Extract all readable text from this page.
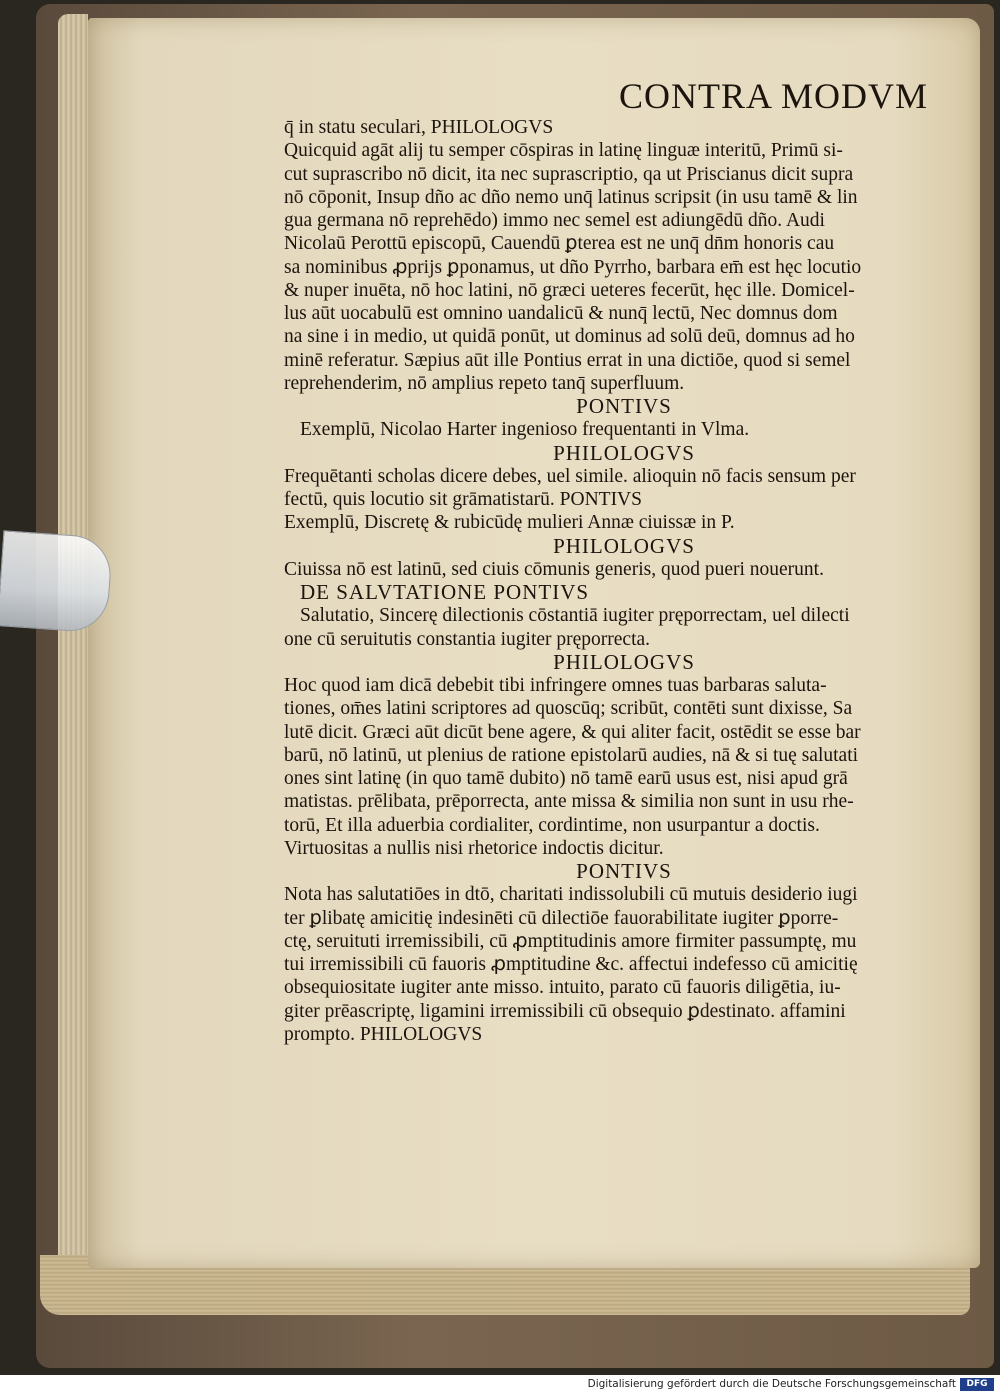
CONTRA MODVM
q̄ in statu seculari, PHILOLOGVS
Quicquid agāt alij tu semper cōspiras in latinę linguæ interitū, Primū si-
cut suprascribo nō dicit, ita nec suprascriptio, qa ut Priscianus dicit supra
nō cōponit, Insup dño ac dño nemo unq̄ latinus scripsit (in usu tamē & lin
gua germana nō reprehēdo) immo nec semel est adiungēdū dño. Audi
Nicolaū Perottū episcopū, Cauendū ꝑterea est ne unq̄ dn̄m honoris cau
sa nominibus ꝓprijs ꝑponamus, ut dño Pyrrho, barbara em̄ est hęc locutio
& nuper inuēta, nō hoc latini, nō græci ueteres fecerūt, hęc ille. Domicel-
lus aūt uocabulū est omnino uandalicū & nunq̄ lectū, Nec domnus dom
na sine i in medio, ut quidā ponūt, ut dominus ad solū deū, domnus ad ho
minē referatur. Sæpius aūt ille Pontius errat in una dictiōe, quod si semel
reprehenderim, nō amplius repeto tanq̄ superfluum.
PONTIVS
Exemplū, Nicolao Harter ingenioso frequentanti in Vlma.
PHILOLOGVS
Frequētanti scholas dicere debes, uel simile. alioquin nō facis sensum per
fectū, quis locutio sit grāmatistarū. PONTIVS
Exemplū, Discretę & rubicūdę mulieri Annæ ciuissæ in P.
PHILOLOGVS
Ciuissa nō est latinū, sed ciuis cōmunis generis, quod pueri nouerunt.
DE SALVTATIONE PONTIVS
Salutatio, Sincerę dilectionis cōstantiā iugiter pręporrectam, uel dilecti
one cū seruitutis constantia iugiter pręporrecta.
PHILOLOGVS
Hoc quod iam dicā debebit tibi infringere omnes tuas barbaras saluta-
tiones, om̄es latini scriptores ad quoscūq; scribūt, contēti sunt dixisse, Sa
lutē dicit. Græci aūt dicūt bene agere, & qui aliter facit, ostēdit se esse bar
barū, nō latinū, ut plenius de ratione epistolarū audies, nā & si tuę salutati
ones sint latinę (in quo tamē dubito) nō tamē earū usus est, nisi apud grā
matistas. prēlibata, prēporrecta, ante missa & similia non sunt in usu rhe-
torū, Et illa aduerbia cordialiter, cordintime, non usurpantur a doctis.
Virtuositas a nullis nisi rhetorice indoctis dicitur.
PONTIVS
Nota has salutatiōes in dtō, charitati indissolubili cū mutuis desiderio iugi
ter ꝑlibatę amicitię indesinēti cū dilectiōe fauorabilitate iugiter ꝑporre-
ctę, seruituti irremissibili, cū ꝓmptitudinis amore firmiter passumptę, mu
tui irremissibili cū fauoris ꝓmptitudine &c. affectui indefesso cū amicitię
obsequiositate iugiter ante misso. intuito, parato cū fauoris diligētia, iu-
giter prēascriptę, ligamini irremissibili cū obsequio ꝑdestinato. affamini
prompto. PHILOLOGVS
Digitalisierung gefördert durch die Deutsche Forschungsgemeinschaft	DFG
